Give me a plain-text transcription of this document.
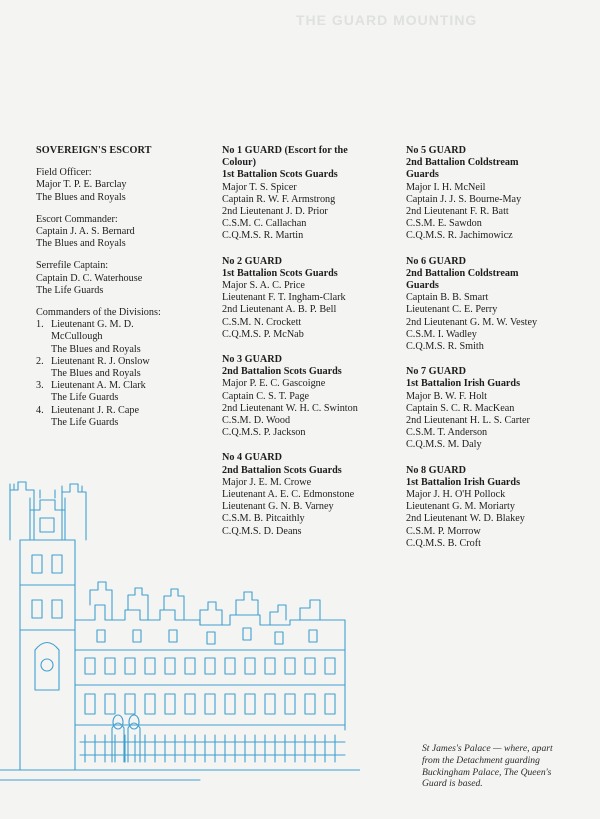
THE GUARD MOUNTING
SOVEREIGN'S ESCORT
Field Officer:
Major T. P. E. Barclay
The Blues and Royals
Escort Commander:
Captain J. A. S. Bernard
The Blues and Royals
Serrefile Captain:
Captain D. C. Waterhouse
The Life Guards
Commanders of the Divisions:
1. Lieutenant G. M. D.
McCullough
The Blues and Royals
2. Lieutenant R. J. Onslow
The Blues and Royals
3. Lieutenant A. M. Clark
The Life Guards
4. Lieutenant J. R. Cape
The Life Guards
No 1 GUARD (Escort for the
Colour)
1st Battalion Scots Guards
Major T. S. Spicer
Captain R. W. F. Armstrong
2nd Lieutenant J. D. Prior
C.S.M. C. Callachan
C.Q.M.S. R. Martin
No 2 GUARD
1st Battalion Scots Guards
Major S. A. C. Price
Lieutenant F. T. Ingham-Clark
2nd Lieutenant A. B. P. Bell
C.S.M. N. Crockett
C.Q.M.S. P. McNab
No 3 GUARD
2nd Battalion Scots Guards
Major P. E. C. Gascoigne
Captain C. S. T. Page
2nd Lieutenant W. H. C. Swinton
C.S.M. D. Wood
C.Q.M.S. P. Jackson
No 4 GUARD
2nd Battalion Scots Guards
Major J. E. M. Crowe
Lieutenant A. E. C. Edmonstone
Lieutenant G. N. B. Varney
C.S.M. B. Pitcaithly
C.Q.M.S. D. Deans
No 5 GUARD
2nd Battalion Coldstream
Guards
Major I. H. McNeil
Captain J. J. S. Bourne-May
2nd Lieutenant F. R. Batt
C.S.M. E. Sawdon
C.Q.M.S. R. Jachimowicz
No 6 GUARD
2nd Battalion Coldstream
Guards
Captain B. B. Smart
Lieutenant C. E. Perry
2nd Lieutenant G. M. W. Vestey
C.S.M. I. Wadley
C.Q.M.S. R. Smith
No 7 GUARD
1st Battalion Irish Guards
Major B. W. F. Holt
Captain S. C. R. MacKean
2nd Lieutenant H. L. S. Carter
C.S.M. T. Anderson
C.Q.M.S. M. Daly
No 8 GUARD
1st Battalion Irish Guards
Major J. H. O'H Pollock
Lieutenant G. M. Moriarty
2nd Lieutenant W. D. Blakey
C.S.M. P. Morrow
C.Q.M.S. B. Croft
St James's Palace — where, apart
from the Detachment guarding
Buckingham Palace, The Queen's
Guard is based.
